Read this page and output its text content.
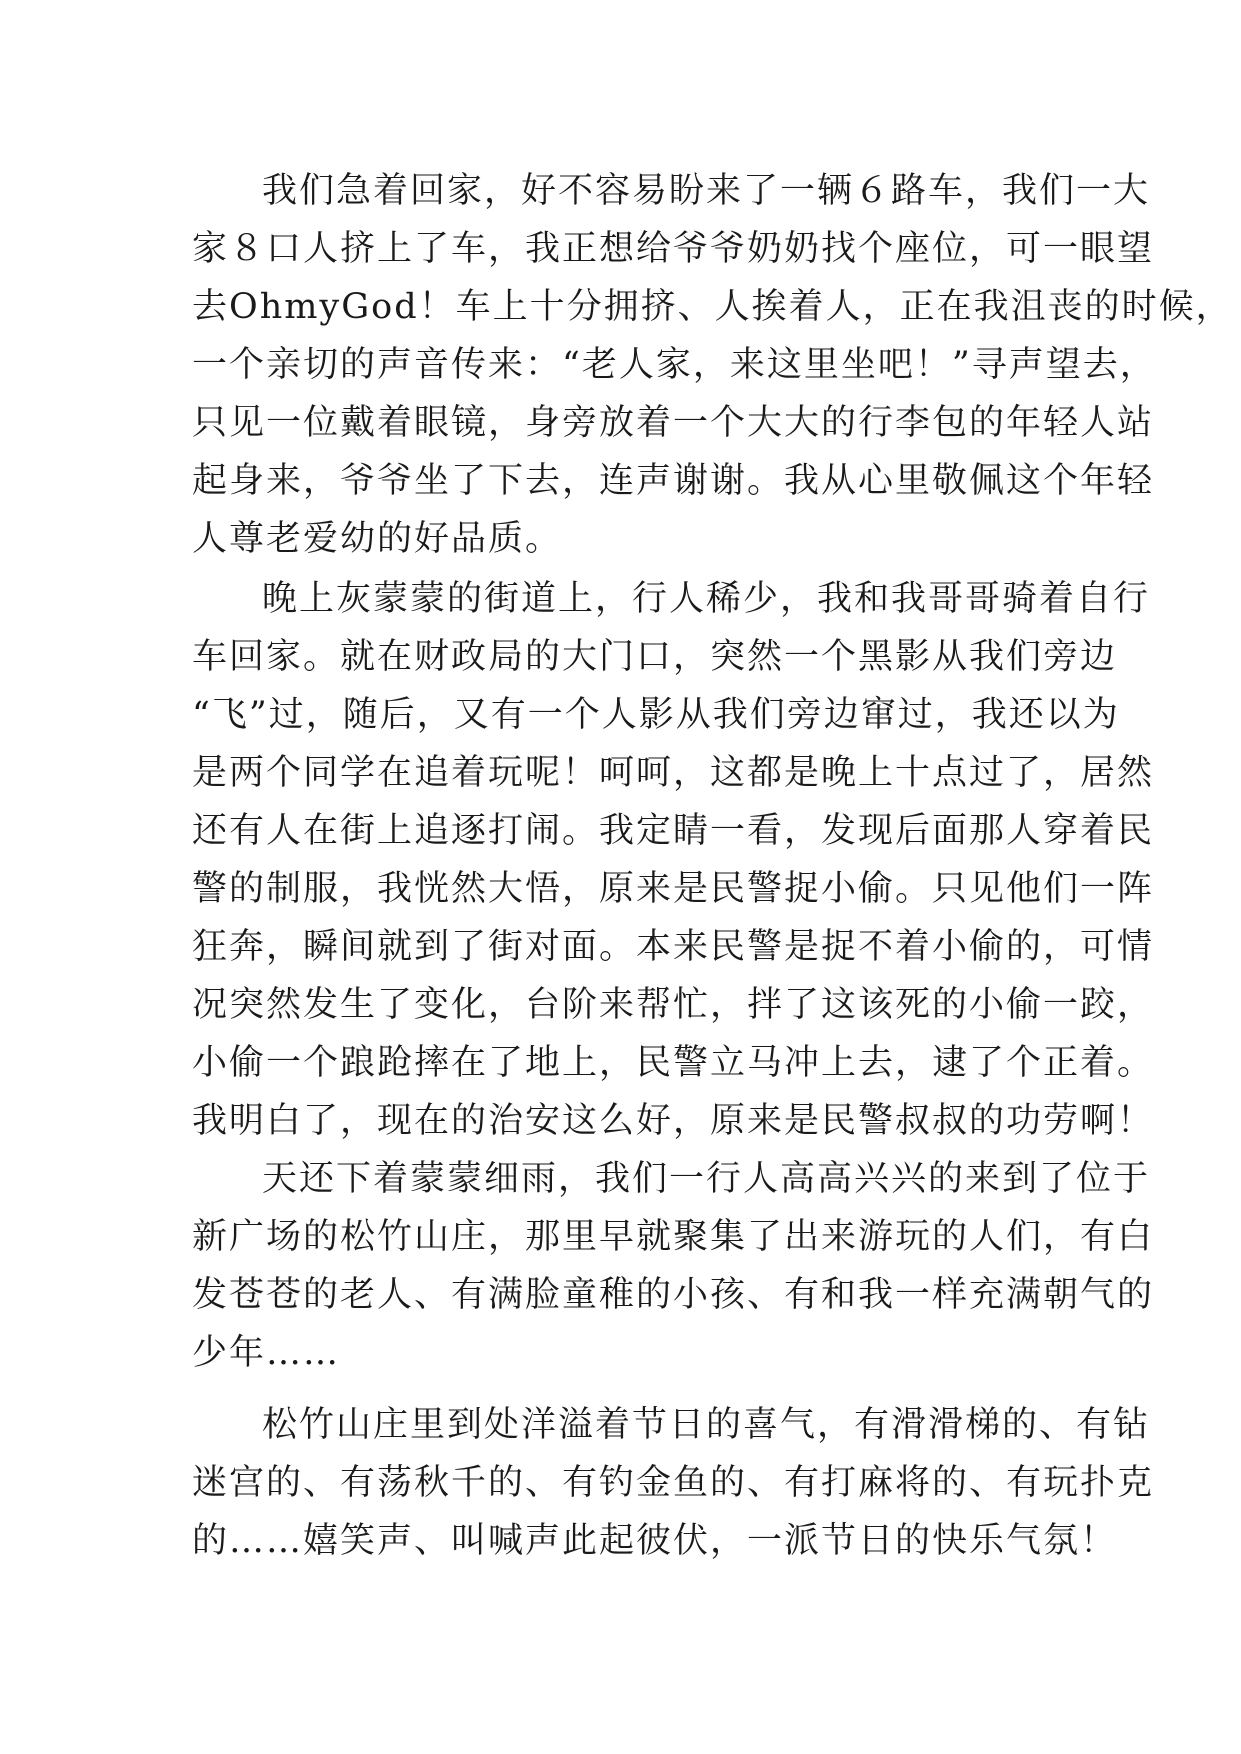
我们急着回家，好不容易盼来了一辆６路车，我们一大
家８口人挤上了车，我正想给爷爷奶奶找个座位，可一眼望
去OhmyGod！车上十分拥挤、人挨着人，正在我沮丧的时候，
一个亲切的声音传来：“老人家，来这里坐吧！”寻声望去，
只见一位戴着眼镜，身旁放着一个大大的行李包的年轻人站
起身来，爷爷坐了下去，连声谢谢。我从心里敬佩这个年轻
人尊老爱幼的好品质。
晚上灰蒙蒙的街道上，行人稀少，我和我哥哥骑着自行
车回家。就在财政局的大门口，突然一个黑影从我们旁边
“飞”过，随后，又有一个人影从我们旁边窜过，我还以为
是两个同学在追着玩呢！呵呵，这都是晚上十点过了，居然
还有人在街上追逐打闹。我定睛一看，发现后面那人穿着民
警的制服，我恍然大悟，原来是民警捉小偷。只见他们一阵
狂奔，瞬间就到了街对面。本来民警是捉不着小偷的，可情
况突然发生了变化，台阶来帮忙，拌了这该死的小偷一跤，
小偷一个踉跄摔在了地上，民警立马冲上去，逮了个正着。
我明白了，现在的治安这么好，原来是民警叔叔的功劳啊！
天还下着蒙蒙细雨，我们一行人高高兴兴的来到了位于
新广场的松竹山庄，那里早就聚集了出来游玩的人们，有白
发苍苍的老人、有满脸童稚的小孩、有和我一样充满朝气的
少年……
松竹山庄里到处洋溢着节日的喜气，有滑滑梯的、有钻
迷宫的、有荡秋千的、有钓金鱼的、有打麻将的、有玩扑克
的……嬉笑声、叫喊声此起彼伏，一派节日的快乐气氛！
